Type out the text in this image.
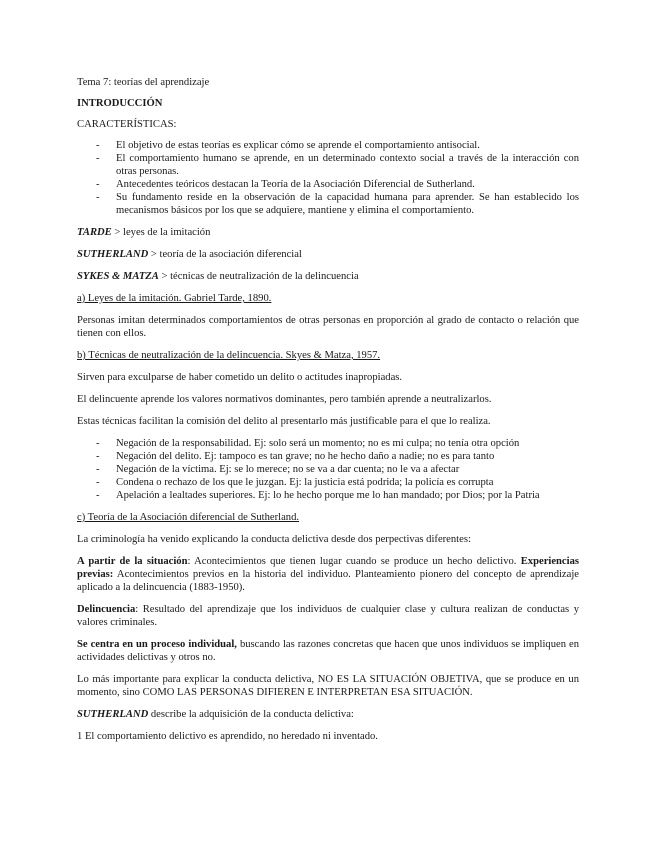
Tema 7: teorías del aprendizaje

INTRODUCCIÓN

CARACTERÍSTICAS:

- El objetivo de estas teorías es explicar cómo se aprende el comportamiento antisocial.
- El comportamiento humano se aprende, en un determinado contexto social a través de la interacción con otras personas.
- Antecedentes teóricos destacan la Teoría de la Asociación Diferencial de Sutherland.
- Su fundamento reside en la observación de la capacidad humana para aprender. Se han establecido los mecanismos básicos por los que se adquiere, mantiene y elimina el comportamiento.

TARDE > leyes de la imitación

SUTHERLAND > teoría de la asociación diferencial

SYKES & MATZA > técnicas de neutralización de la delincuencia

a) Leyes de la imitación. Gabriel Tarde, 1890.

Personas imitan determinados comportamientos de otras personas en proporción al grado de contacto o relación que tienen con ellos.

b) Técnicas de neutralización de la delincuencia. Skyes & Matza, 1957.

Sirven para exculparse de haber cometido un delito o actitudes inapropiadas.

El delincuente aprende los valores normativos dominantes, pero también aprende a neutralizarlos.

Estas técnicas facilitan la comisión del delito al presentarlo más justificable para el que lo realiza.

- Negación de la responsabilidad. Ej: solo será un momento; no es mi culpa; no tenía otra opción
- Negación del delito. Ej: tampoco es tan grave; no he hecho daño a nadie; no es para tanto
- Negación de la víctima. Ej: se lo merece; no se va a dar cuenta; no le va a afectar
- Condena o rechazo de los que le juzgan. Ej: la justicia está podrida; la policía es corrupta
- Apelación a lealtades superiores. Ej: lo he hecho porque me lo han mandado; por Dios; por la Patria

c) Teoría de la Asociación diferencial de Sutherland.

La criminología ha venido explicando la conducta delictiva desde dos perpectivas diferentes:

A partir de la situación: Acontecimientos que tienen lugar cuando se produce un hecho delictivo. Experiencias previas: Acontecimientos previos en la historia del individuo. Planteamiento pionero del concepto de aprendizaje aplicado a la delincuencia (1883-1950).

Delincuencia: Resultado del aprendizaje que los individuos de cualquier clase y cultura realizan de conductas y valores criminales.

Se centra en un proceso individual, buscando las razones concretas que hacen que unos individuos se impliquen en actividades delictivas y otros no.

Lo más importante para explicar la conducta delictiva, NO ES LA SITUACIÓN OBJETIVA, que se produce en un momento, sino COMO LAS PERSONAS DIFIEREN E INTERPRETAN ESA SITUACIÓN.

SUTHERLAND describe la adquisición de la conducta delictiva:

1 El comportamiento delictivo es aprendido, no heredado ni inventado.
